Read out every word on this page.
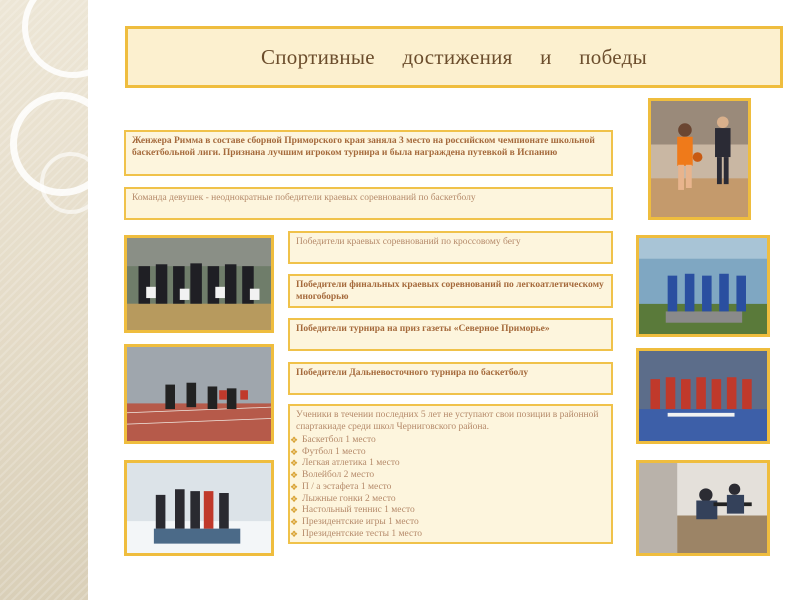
Спортивные достижения и победы

Женжера Римма в составе сборной Приморского края заняла 3 место на российском чемпионате школьной баскетбольной лиги. Признана лучшим игроком турнира и была награждена путевкой в Испанию

Команда девушек - неоднократные победители краевых соревнований по баскетболу

Победители краевых соревнований по кроссовому бегу

Победители финальных краевых соревнований по легкоатлетическому многоборью

Победители турнира на приз газеты «Северное Приморье»

Победители Дальневосточного турнира по баскетболу

Ученики в течении последних 5 лет не уступают свои позиции в районной спартакиаде среди школ Черниговского района.

❖ Баскетбол 1 место
❖ Футбол 1 место
❖ Легкая атлетика 1 место
❖ Волейбол 2 место
❖ П / а эстафета 1 место
❖ Лыжные гонки 2 место
❖ Настольный теннис 1 место
❖ Президентские игры 1 место
❖ Президентские тесты 1 место
